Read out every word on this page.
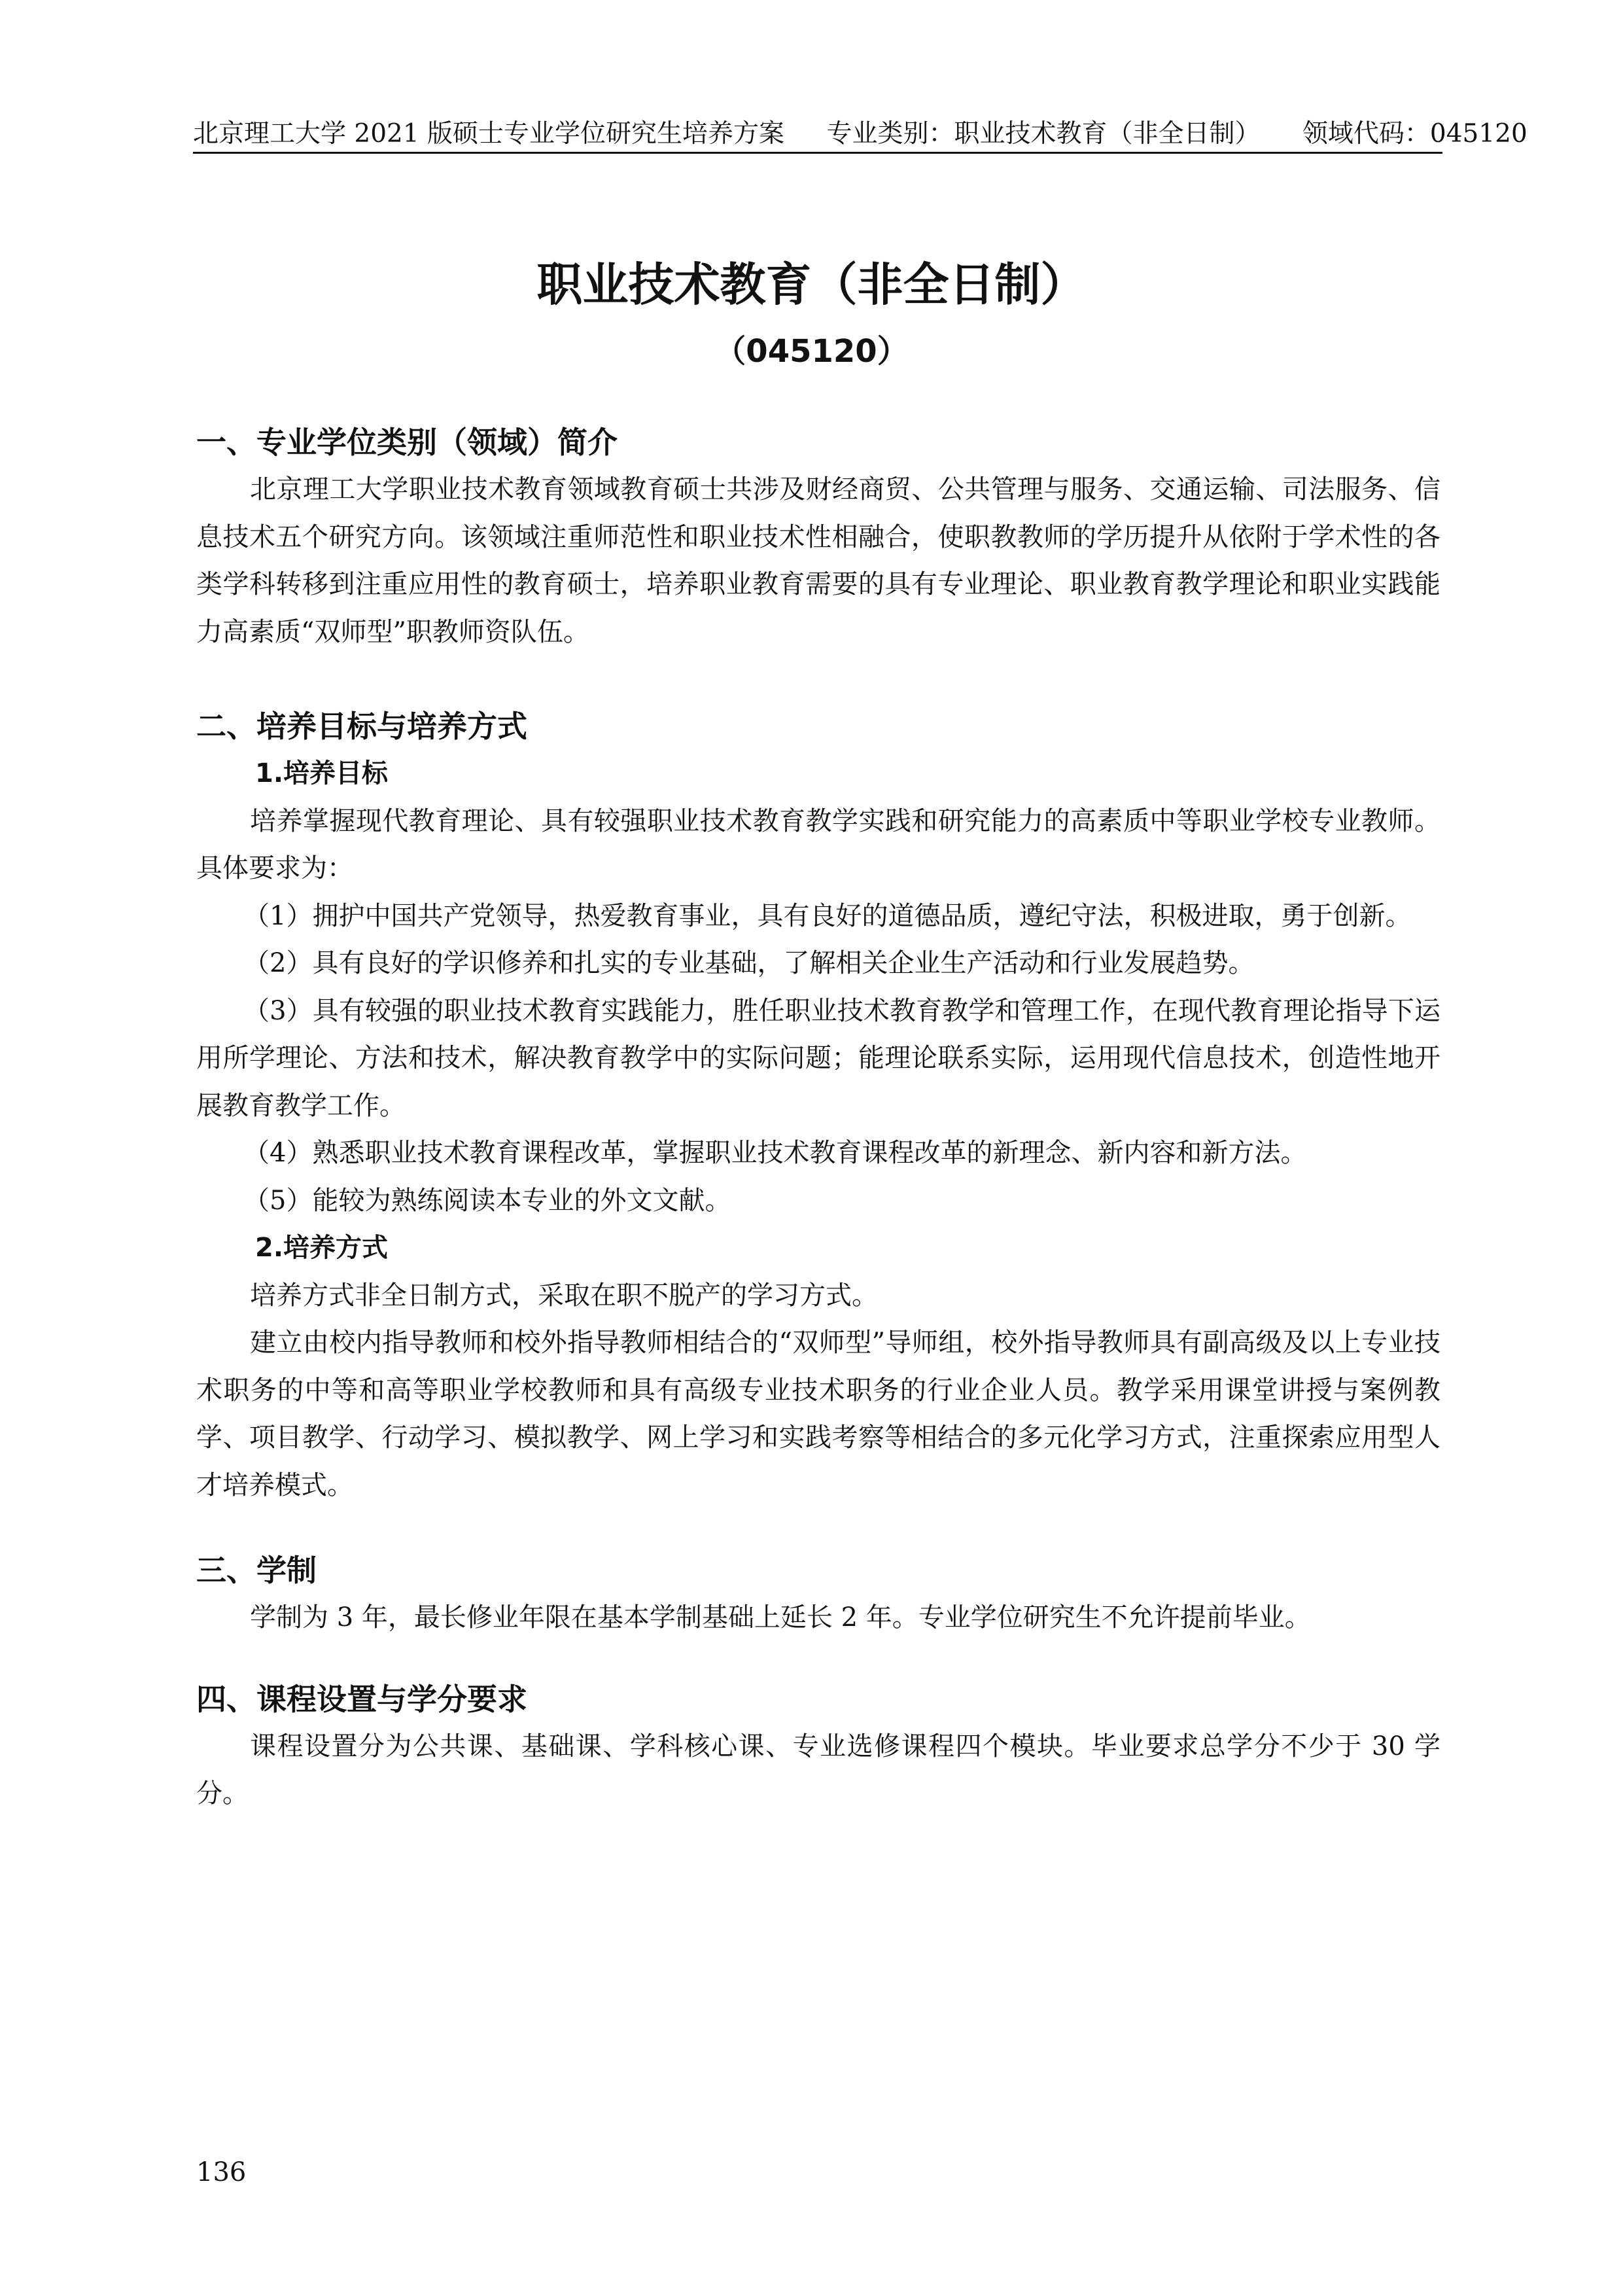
北京理工大学 2021 版硕士专业学位研究生培养方案 专业类别：职业技术教育（非全日制） 领域代码：045120
职业技术教育（非全日制）
（045120）
一、专业学位类别（领域）简介

北京理工大学职业技术教育领域教育硕士共涉及财经商贸、公共管理与服务、交通运输、司法服务、信息技术五个研究方向。该领域注重师范性和职业技术性相融合，使职教教师的学历提升从依附于学术性的各类学科转移到注重应用性的教育硕士，培养职业教育需要的具有专业理论、职业教育教学理论和职业实践能力高素质“双师型”职教师资队伍。

二、培养目标与培养方式
1.培养目标

培养掌握现代教育理论、具有较强职业技术教育教学实践和研究能力的高素质中等职业学校专业教师。具体要求为：

（1）拥护中国共产党领导，热爱教育事业，具有良好的道德品质，遵纪守法，积极进取，勇于创新。

（2）具有良好的学识修养和扎实的专业基础，了解相关企业生产活动和行业发展趋势。

（3）具有较强的职业技术教育实践能力，胜任职业技术教育教学和管理工作，在现代教育理论指导下运用所学理论、方法和技术，解决教育教学中的实际问题；能理论联系实际，运用现代信息技术，创造性地开展教育教学工作。

（4）熟悉职业技术教育课程改革，掌握职业技术教育课程改革的新理念、新内容和新方法。

（5）能较为熟练阅读本专业的外文文献。

2.培养方式

培养方式非全日制方式，采取在职不脱产的学习方式。

建立由校内指导教师和校外指导教师相结合的“双师型”导师组，校外指导教师具有副高级及以上专业技术职务的中等和高等职业学校教师和具有高级专业技术职务的行业企业人员。教学采用课堂讲授与案例教学、项目教学、行动学习、模拟教学、网上学习和实践考察等相结合的多元化学习方式，注重探索应用型人才培养模式。

三、学制

学制为 3 年，最长修业年限在基本学制基础上延长 2 年。专业学位研究生不允许提前毕业。

四、课程设置与学分要求

课程设置分为公共课、基础课、学科核心课、专业选修课程四个模块。毕业要求总学分不少于 30 学分。

136
